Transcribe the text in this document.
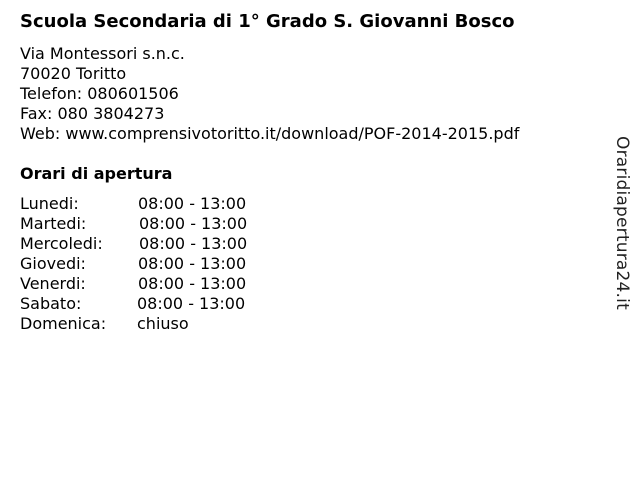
Scuola Secondaria di 1° Grado S. Giovanni Bosco
Via Montessori s.n.c.
70020 Toritto
Telefon: 080601506
Fax: 080 3804273
Web: www.comprensivotoritto.it/download/POF-2014-2015.pdf
Orari di apertura
Lunedi:	08:00 - 13:00
Martedi:	08:00 - 13:00
Mercoledi: 08:00 - 13:00
Giovedi:	08:00 - 13:00
Venerdi:	08:00 - 13:00
Sabato:	08:00 - 13:00
Domenica: chiuso
Oraridiapertura24.it
